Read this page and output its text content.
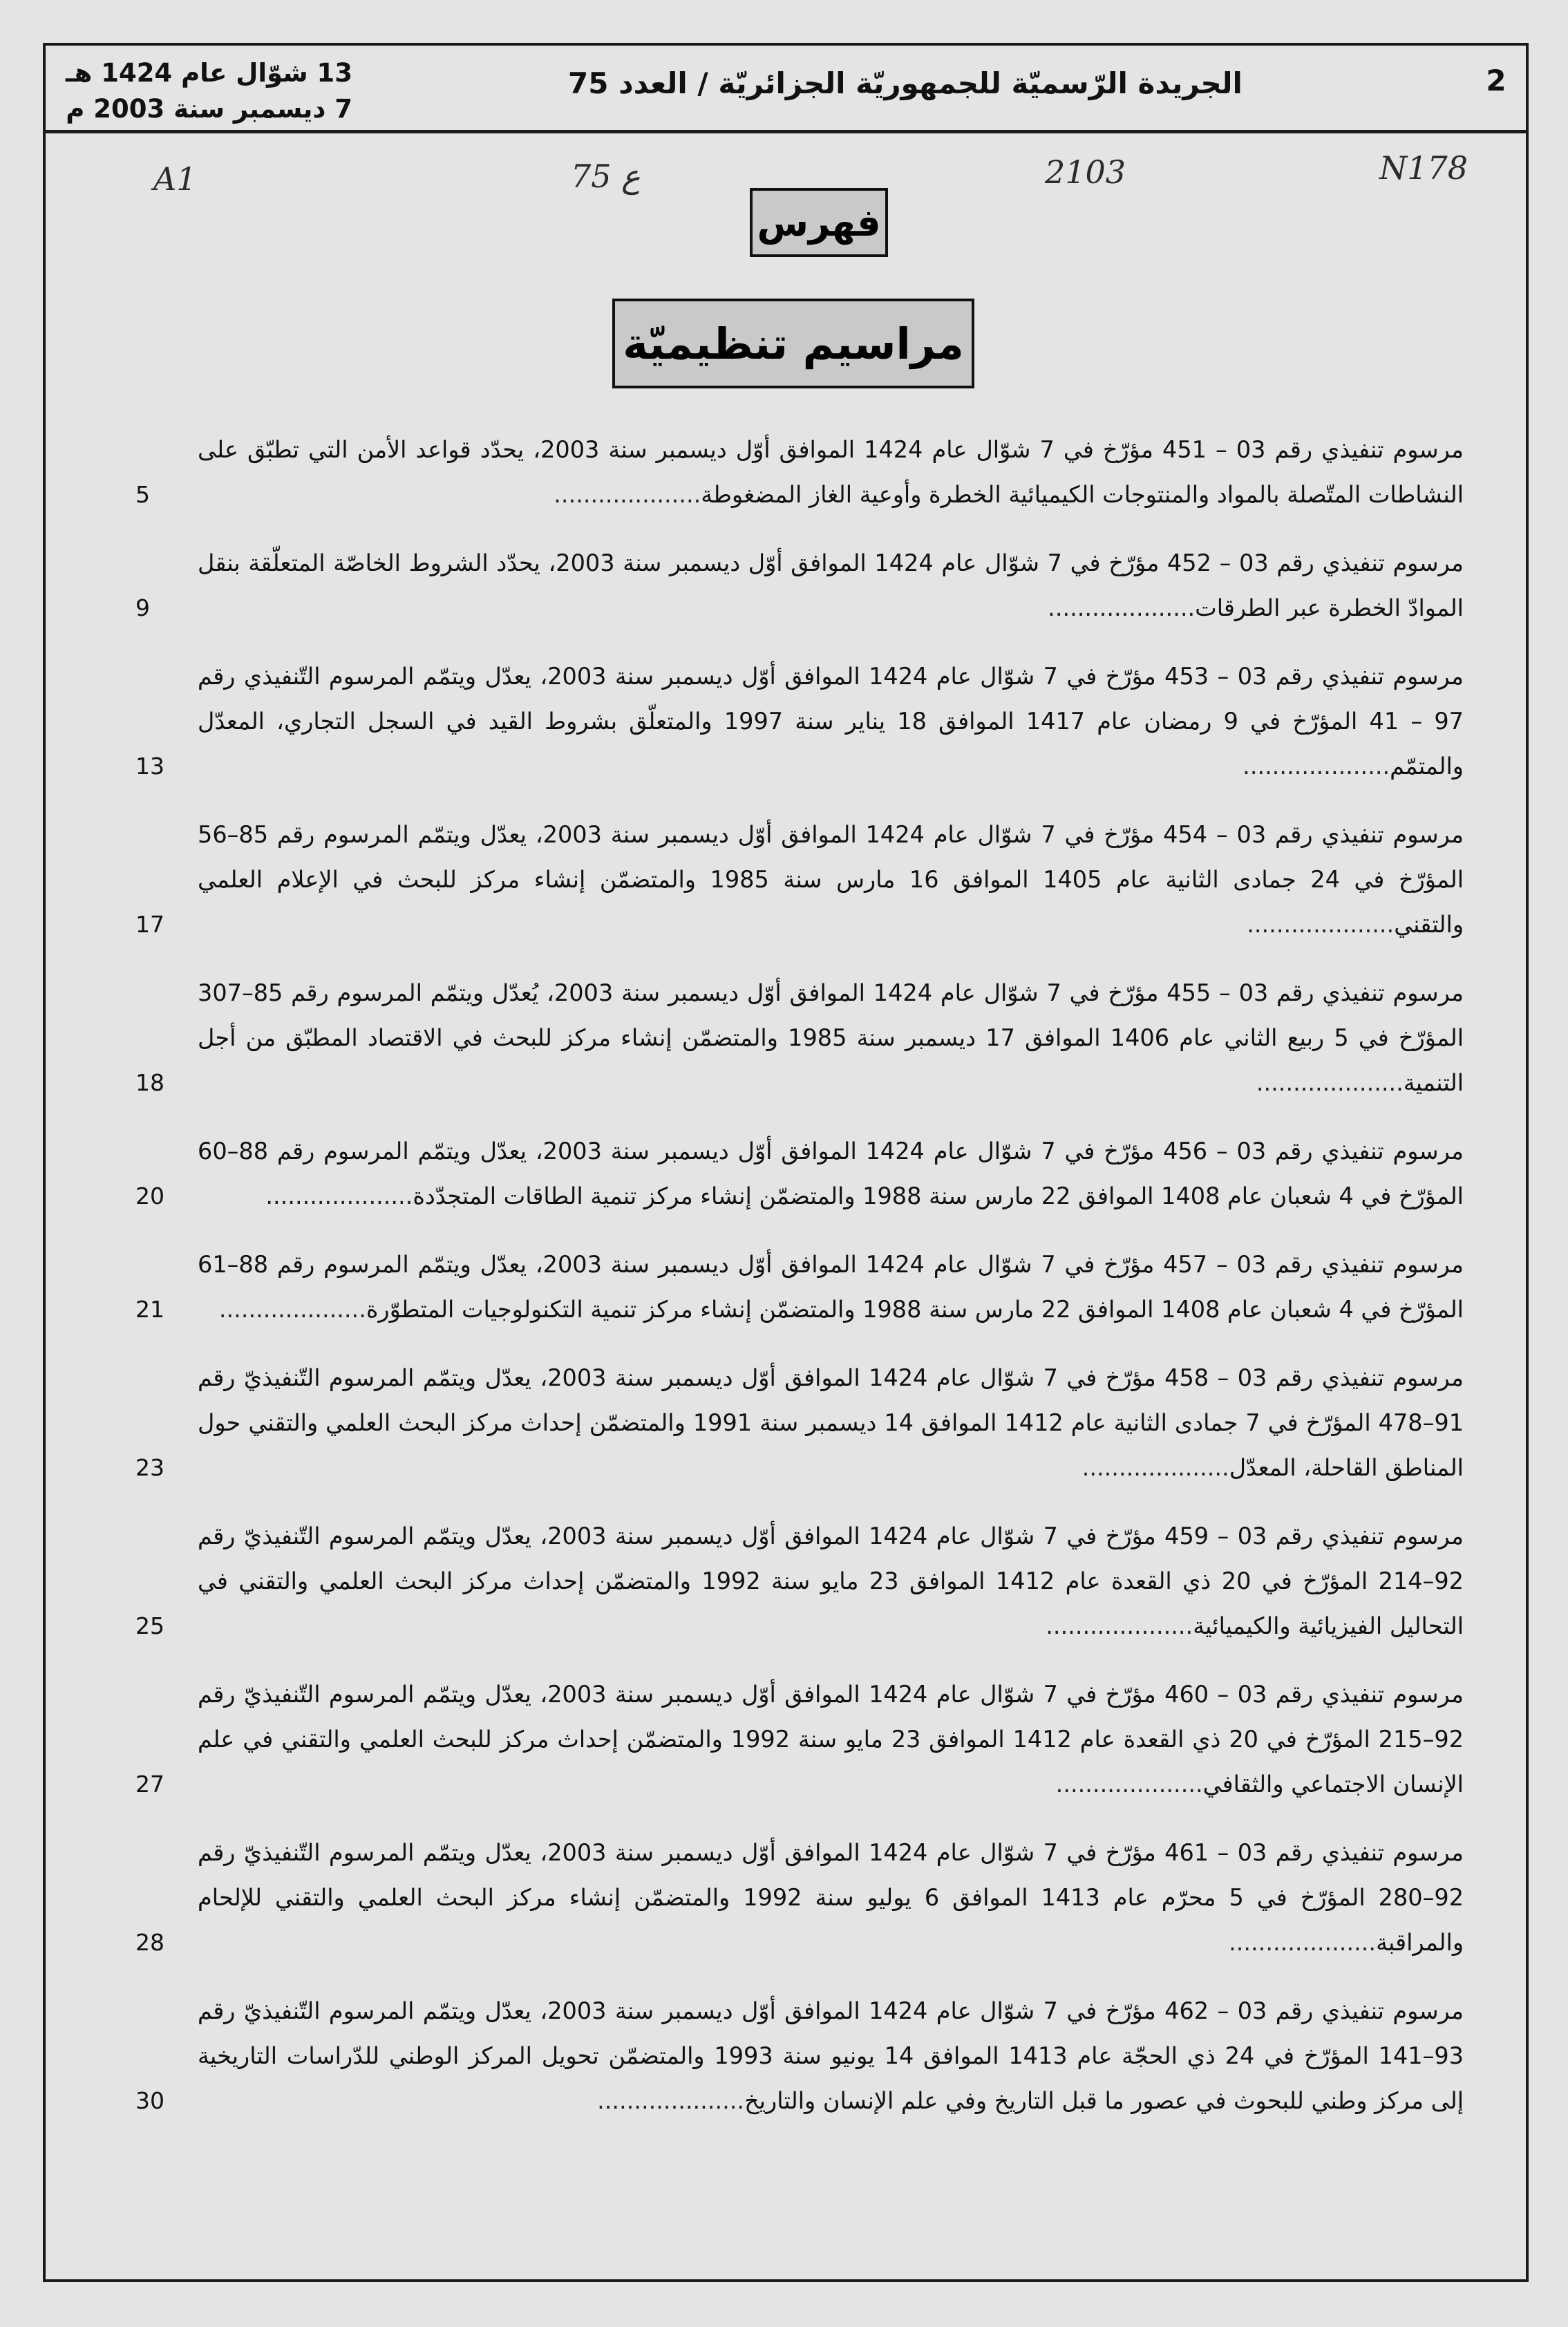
13 شوّال عام 1424 هـ
7 ديسمبر سنة 2003 م
الجريدة الرّسميّة للجمهوريّة الجزائريّة / العدد 75	2
A1	75 ع	2103	N178
فهرس
مراسيم تنظيميّة
مرسوم تنفيذي رقم 03 – 451 مؤرّخ في 7 شوّال عام 1424 الموافق أوّل ديسمبر سنة 2003، يحدّد قواعد الأمن التي تطبّق على النشاطات المتّصلة بالمواد والمنتوجات الكيميائية الخطرة وأوعية الغاز المضغوطة....................
5
مرسوم تنفيذي رقم 03 – 452 مؤرّخ في 7 شوّال عام 1424 الموافق أوّل ديسمبر سنة 2003، يحدّد الشروط الخاصّة المتعلّقة بنقل الموادّ الخطرة عبر الطرقات....................
9
مرسوم تنفيذي رقم 03 – 453 مؤرّخ في 7 شوّال عام 1424 الموافق أوّل ديسمبر سنة 2003، يعدّل ويتمّم المرسوم التّنفيذي رقم 97 – 41 المؤرّخ في 9 رمضان عام 1417 الموافق 18 يناير سنة 1997 والمتعلّق بشروط القيد في السجل التجاري، المعدّل والمتمّم....................
13
مرسوم تنفيذي رقم 03 – 454 مؤرّخ في 7 شوّال عام 1424 الموافق أوّل ديسمبر سنة 2003، يعدّل ويتمّم المرسوم رقم 85–56 المؤرّخ في 24 جمادى الثانية عام 1405 الموافق 16 مارس سنة 1985 والمتضمّن إنشاء مركز للبحث في الإعلام العلمي والتقني....................
17
مرسوم تنفيذي رقم 03 – 455 مؤرّخ في 7 شوّال عام 1424 الموافق أوّل ديسمبر سنة 2003، يُعدّل ويتمّم المرسوم رقم 85–307 المؤرّخ في 5 ربيع الثاني عام 1406 الموافق 17 ديسمبر سنة 1985 والمتضمّن إنشاء مركز للبحث في الاقتصاد المطبّق من أجل التنمية....................
18
مرسوم تنفيذي رقم 03 – 456 مؤرّخ في 7 شوّال عام 1424 الموافق أوّل ديسمبر سنة 2003، يعدّل ويتمّم المرسوم رقم 88–60 المؤرّخ في 4 شعبان عام 1408 الموافق 22 مارس سنة 1988 والمتضمّن إنشاء مركز تنمية الطاقات المتجدّدة....................
20
مرسوم تنفيذي رقم 03 – 457 مؤرّخ في 7 شوّال عام 1424 الموافق أوّل ديسمبر سنة 2003، يعدّل ويتمّم المرسوم رقم 88–61 المؤرّخ في 4 شعبان عام 1408 الموافق 22 مارس سنة 1988 والمتضمّن إنشاء مركز تنمية التكنولوجيات المتطوّرة....................
21
مرسوم تنفيذي رقم 03 – 458 مؤرّخ في 7 شوّال عام 1424 الموافق أوّل ديسمبر سنة 2003، يعدّل ويتمّم المرسوم التّنفيذيّ رقم 91–478 المؤرّخ في 7 جمادى الثانية عام 1412 الموافق 14 ديسمبر سنة 1991 والمتضمّن إحداث مركز البحث العلمي والتقني حول المناطق القاحلة، المعدّل....................
23
مرسوم تنفيذي رقم 03 – 459 مؤرّخ في 7 شوّال عام 1424 الموافق أوّل ديسمبر سنة 2003، يعدّل ويتمّم المرسوم التّنفيذيّ رقم 92–214 المؤرّخ في 20 ذي القعدة عام 1412 الموافق 23 مايو سنة 1992 والمتضمّن إحداث مركز البحث العلمي والتقني في التحاليل الفيزيائية والكيميائية....................
25
مرسوم تنفيذي رقم 03 – 460 مؤرّخ في 7 شوّال عام 1424 الموافق أوّل ديسمبر سنة 2003، يعدّل ويتمّم المرسوم التّنفيذيّ رقم 92–215 المؤرّخ في 20 ذي القعدة عام 1412 الموافق 23 مايو سنة 1992 والمتضمّن إحداث مركز للبحث العلمي والتقني في علم الإنسان الاجتماعي والثقافي....................
27
مرسوم تنفيذي رقم 03 – 461 مؤرّخ في 7 شوّال عام 1424 الموافق أوّل ديسمبر سنة 2003، يعدّل ويتمّم المرسوم التّنفيذيّ رقم 92–280 المؤرّخ في 5 محرّم عام 1413 الموافق 6 يوليو سنة 1992 والمتضمّن إنشاء مركز البحث العلمي والتقني للإلحام والمراقبة....................
28
مرسوم تنفيذي رقم 03 – 462 مؤرّخ في 7 شوّال عام 1424 الموافق أوّل ديسمبر سنة 2003، يعدّل ويتمّم المرسوم التّنفيذيّ رقم 93–141 المؤرّخ في 24 ذي الحجّة عام 1413 الموافق 14 يونيو سنة 1993 والمتضمّن تحويل المركز الوطني للدّراسات التاريخية إلى مركز وطني للبحوث في عصور ما قبل التاريخ وفي علم الإنسان والتاريخ....................
30
